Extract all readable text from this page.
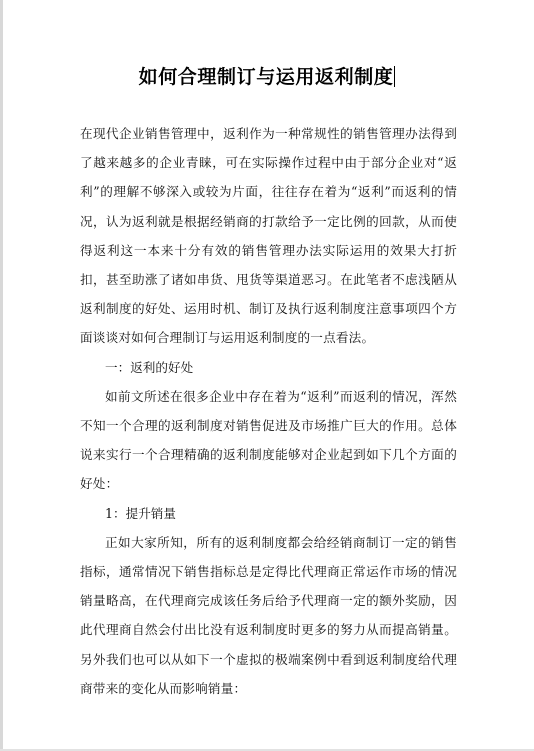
如何合理制订与运用返利制度

在现代企业销售管理中，返利作为一种常规性的销售管理办法得到了越来越多的企业青睐，可在实际操作过程中由于部分企业对“返利”的理解不够深入或较为片面，往往存在着为“返利”而返利的情况，认为返利就是根据经销商的打款给予一定比例的回款，从而使得返利这一本来十分有效的销售管理办法实际运用的效果大打折扣，甚至助涨了诸如串货、甩货等渠道恶习。在此笔者不虑浅陋从返利制度的好处、运用时机、制订及执行返利制度注意事项四个方面谈谈对如何合理制订与运用返利制度的一点看法。

一：返利的好处

如前文所述在很多企业中存在着为“返利”而返利的情况，浑然不知一个合理的返利制度对销售促进及市场推广巨大的作用。总体说来实行一个合理精确的返利制度能够对企业起到如下几个方面的好处：

1：提升销量

正如大家所知，所有的返利制度都会给经销商制订一定的销售指标，通常情况下销售指标总是定得比代理商正常运作市场的情况销量略高，在代理商完成该任务后给予代理商一定的额外奖励，因此代理商自然会付出比没有返利制度时更多的努力从而提高销量。另外我们也可以从如下一个虚拟的极端案例中看到返利制度给代理商带来的变化从而影响销量：
